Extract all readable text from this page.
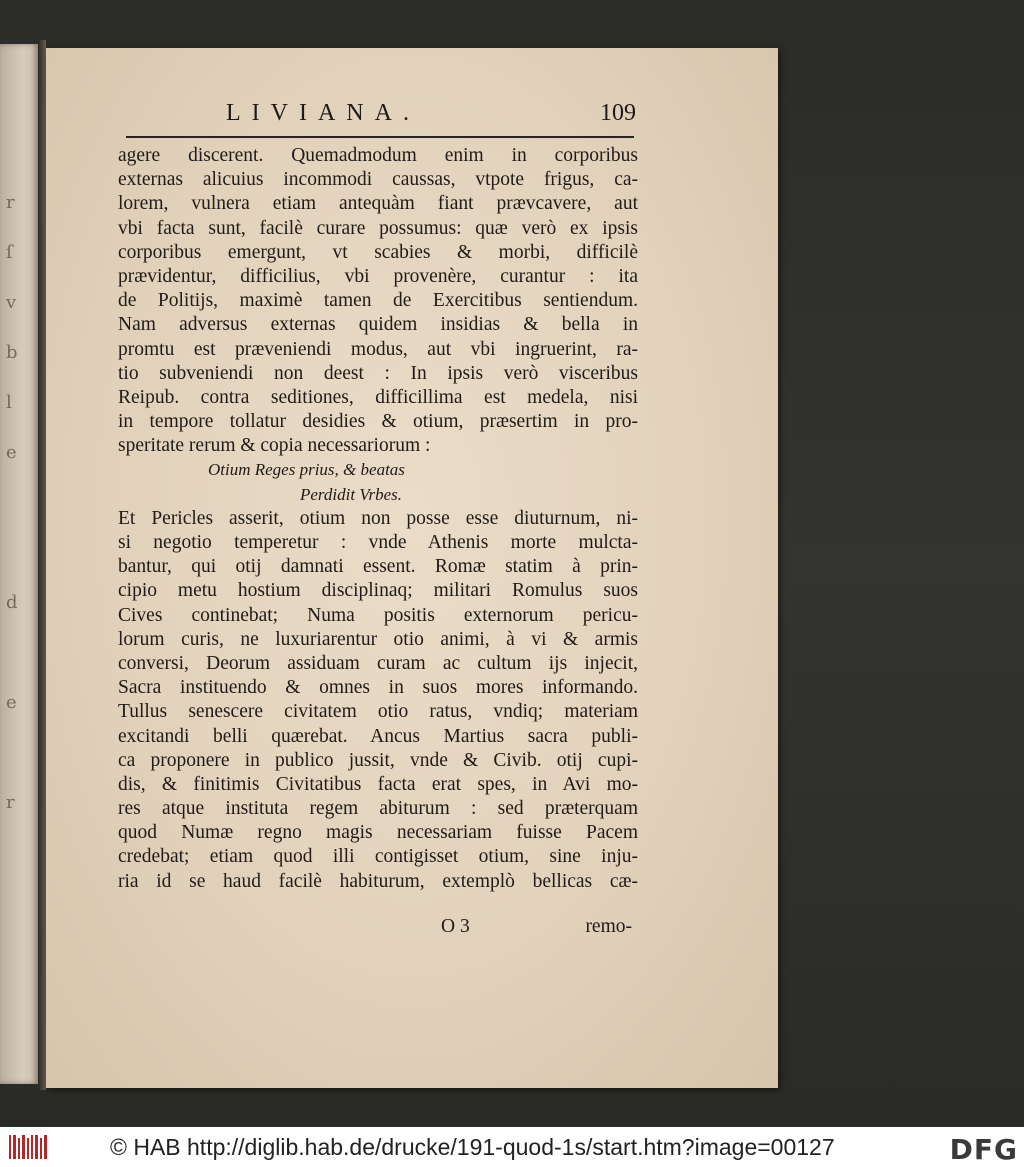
r
ſ
v
b
l
e
d
e
r
LIVIANA.	109
agere discerent. Quemadmodum enim in corporibus
externas alicuius incommodi caussas, vtpote frigus, ca-
lorem, vulnera etiam antequàm fiant prævcavere, aut
vbi facta sunt, facilè curare possumus: quæ verò ex ipsis
corporibus emergunt, vt scabies & morbi, difficilè
prævidentur, difficilius, vbi provenère, curantur : ita
de Politijs, maximè tamen de Exercitibus sentiendum.
Nam adversus externas quidem insidias & bella in
promtu est præveniendi modus, aut vbi ingruerint, ra-
tio subveniendi non deest : In ipsis verò visceribus
Reipub. contra seditiones, difficillima est medela, nisi
in tempore tollatur desidies & otium, præsertim in pro-
speritate rerum & copia necessariorum :
Otium Reges prius, & beatas
Perdidit Vrbes.
Et Pericles asserit, otium non posse esse diuturnum, ni-
si negotio temperetur : vnde Athenis morte mulcta-
bantur, qui otij damnati essent. Romæ statim à prin-
cipio metu hostium disciplinaq; militari Romulus suos
Cives continebat; Numa positis externorum pericu-
lorum curis, ne luxuriarentur otio animi, à vi & armis
conversi, Deorum assiduam curam ac cultum ijs injecit,
Sacra instituendo & omnes in suos mores informando.
Tullus senescere civitatem otio ratus, vndiq; materiam
excitandi belli quærebat. Ancus Martius sacra publi-
ca proponere in publico jussit, vnde & Civib. otij cupi-
dis, & finitimis Civitatibus facta erat spes, in Avi mo-
res atque instituta regem abiturum : sed præterquam
quod Numæ regno magis necessariam fuisse Pacem
credebat; etiam quod illi contigisset otium, sine inju-
ria id se haud facilè habiturum, extemplò bellicas cæ-
O 3	remo-
© HAB http://diglib.hab.de/drucke/191-quod-1s/start.htm?image=00127	DFG
